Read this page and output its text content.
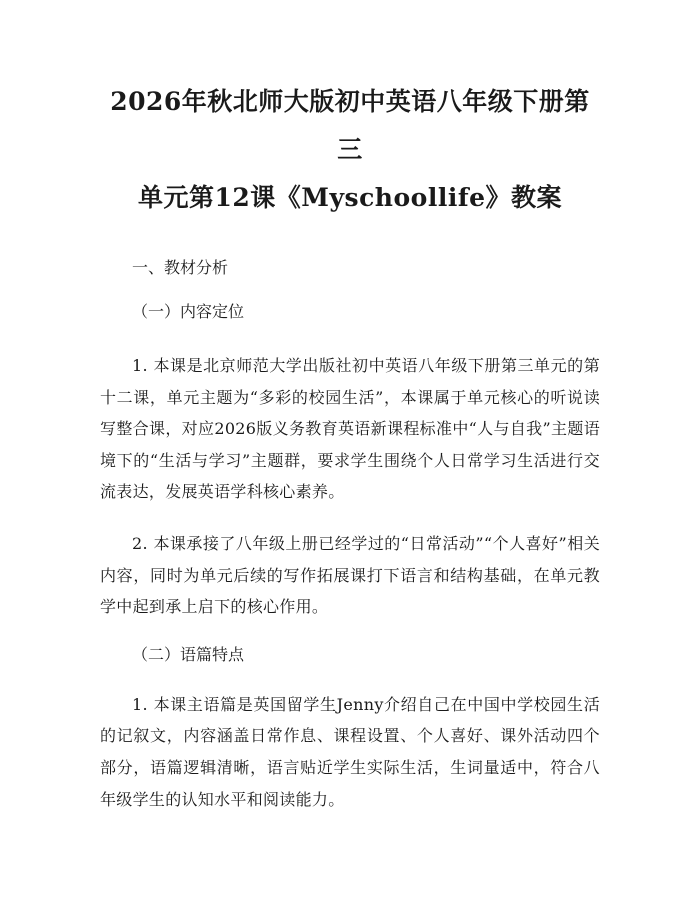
2026年秋北师大版初中英语八年级下册第三
单元第12课《Myschoollife》教案

一、教材分析

（一）内容定位

1. 本课是北京师范大学出版社初中英语八年级下册第三单元的第十二课，单元主题为“多彩的校园生活”，本课属于单元核心的听说读写整合课，对应2026版义务教育英语新课程标准中“人与自我”主题语境下的“生活与学习”主题群，要求学生围绕个人日常学习生活进行交流表达，发展英语学科核心素养。

2. 本课承接了八年级上册已经学过的“日常活动”“个人喜好”相关内容，同时为单元后续的写作拓展课打下语言和结构基础，在单元教学中起到承上启下的核心作用。

（二）语篇特点

1. 本课主语篇是英国留学生Jenny介绍自己在中国中学校园生活的记叙文，内容涵盖日常作息、课程设置、个人喜好、课外活动四个部分，语篇逻辑清晰，语言贴近学生实际生活，生词量适中，符合八年级学生的认知水平和阅读能力。
